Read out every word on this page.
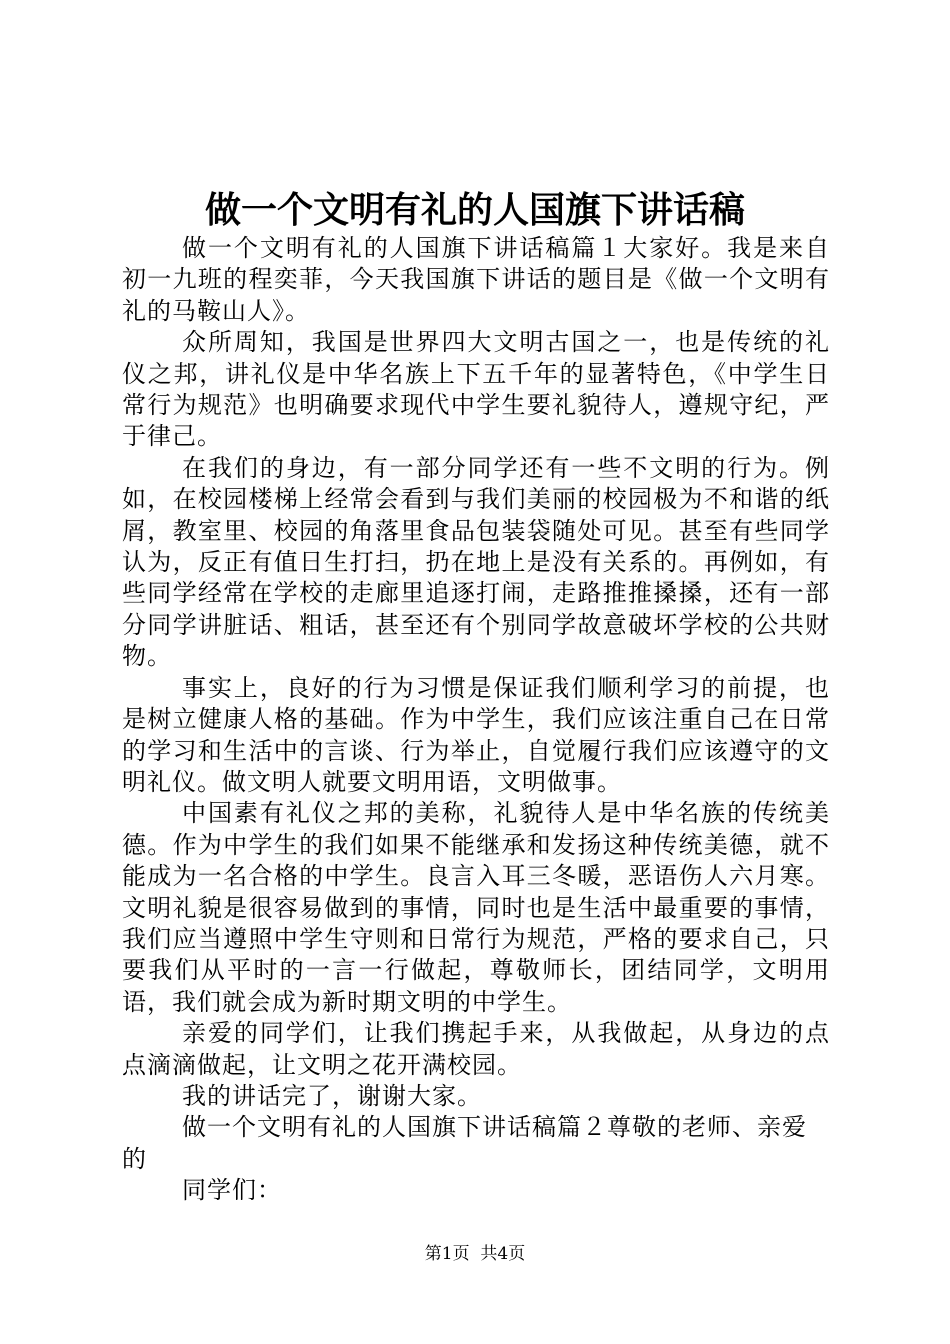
做一个文明有礼的人国旗下讲话稿

做一个文明有礼的人国旗下讲话稿篇１大家好。我是来自初一九班的程奕菲，今天我国旗下讲话的题目是《做一个文明有礼的马鞍山人》。

众所周知，我国是世界四大文明古国之一，也是传统的礼仪之邦，讲礼仪是中华名族上下五千年的显著特色，《中学生日常行为规范》也明确要求现代中学生要礼貌待人，遵规守纪，严于律己。

在我们的身边，有一部分同学还有一些不文明的行为。例如，在校园楼梯上经常会看到与我们美丽的校园极为不和谐的纸屑，教室里、校园的角落里食品包装袋随处可见。甚至有些同学认为，反正有值日生打扫，扔在地上是没有关系的。再例如，有些同学经常在学校的走廊里追逐打闹，走路推推搡搡，还有一部分同学讲脏话、粗话，甚至还有个别同学故意破坏学校的公共财物。

事实上，良好的行为习惯是保证我们顺利学习的前提，也是树立健康人格的基础。作为中学生，我们应该注重自己在日常的学习和生活中的言谈、行为举止，自觉履行我们应该遵守的文明礼仪。做文明人就要文明用语，文明做事。

中国素有礼仪之邦的美称，礼貌待人是中华名族的传统美德。作为中学生的我们如果不能继承和发扬这种传统美德，就不能成为一名合格的中学生。良言入耳三冬暖，恶语伤人六月寒。文明礼貌是很容易做到的事情，同时也是生活中最重要的事情，我们应当遵照中学生守则和日常行为规范，严格的要求自己，只要我们从平时的一言一行做起，尊敬师长，团结同学，文明用语，我们就会成为新时期文明的中学生。

亲爱的同学们，让我们携起手来，从我做起，从身边的点点滴滴做起，让文明之花开满校园。

我的讲话完了，谢谢大家。

做一个文明有礼的人国旗下讲话稿篇２尊敬的老师、亲爱的

同学们：

第1页 共4页
